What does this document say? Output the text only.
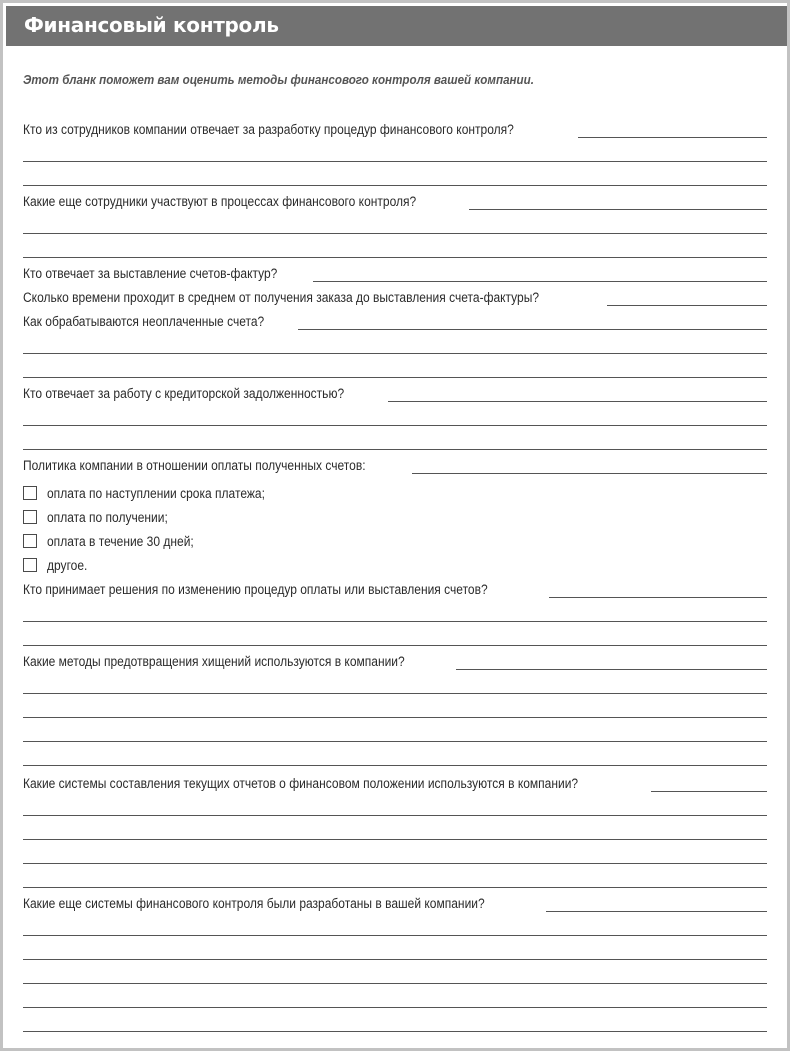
Финансовый контроль
Этот бланк поможет вам оценить методы финансового контроля вашей компании.
Кто из сотрудников компании отвечает за разработку процедур финансового контроля?
Какие еще сотрудники участвуют в процессах финансового контроля?
Кто отвечает за выставление счетов-фактур?
Сколько времени проходит в среднем от получения заказа до выставления счета-фактуры?
Как обрабатываются неоплаченные счета?
Кто отвечает за работу с кредиторской задолженностью?
Политика компании в отношении оплаты полученных счетов:
оплата по наступлении срока платежа;
оплата по получении;
оплата в течение 30 дней;
другое.
Кто принимает решения по изменению процедур оплаты или выставления счетов?
Какие методы предотвращения хищений используются в компании?
Какие системы составления текущих отчетов о финансовом положении используются в компании?
Какие еще системы финансового контроля были разработаны в вашей компании?
